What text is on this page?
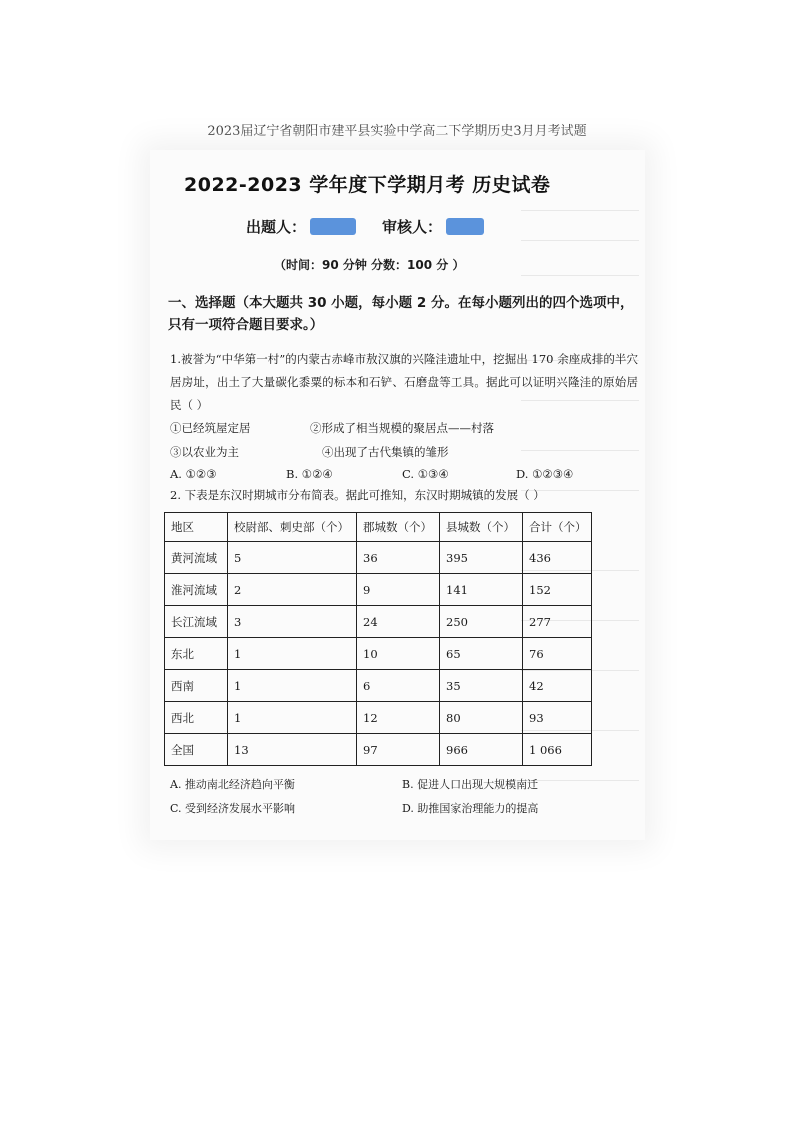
2023届辽宁省朝阳市建平县实验中学高二下学期历史3月月考试题
2022-2023 学年度下学期月考 历史试卷
出题人：	审核人：
（时间：90 分钟 分数：100 分 ）
一、选择题（本大题共 30 小题，每小题 2 分。在每小题列出的四个选项中，只有一项符合题目要求。）
1.被誉为“中华第一村”的内蒙古赤峰市敖汉旗的兴隆洼遗址中，挖掘出 170 余座成排的半穴居房址，出土了大量碳化黍粟的标本和石铲、石磨盘等工具。据此可以证明兴隆洼的原始居民（ ）
①已经筑屋定居	②形成了相当规模的聚居点——村落
③以农业为主	④出现了古代集镇的雏形
A. ①②③	B. ①②④	C. ①③④	D. ①②③④
2. 下表是东汉时期城市分布简表。据此可推知，东汉时期城镇的发展（ ）
地区	校尉部、刺史部（个）	郡城数（个）	县城数（个）	合计（个）
黄河流域	5	36	395	436
淮河流域	2	9	141	152
长江流域	3	24	250	277
东北	1	10	65	76
西南	1	6	35	42
西北	1	12	80	93
全国	13	97	966	1 066
A. 推动南北经济趋向平衡	B. 促进人口出现大规模南迁
C. 受到经济发展水平影响	D. 助推国家治理能力的提高
